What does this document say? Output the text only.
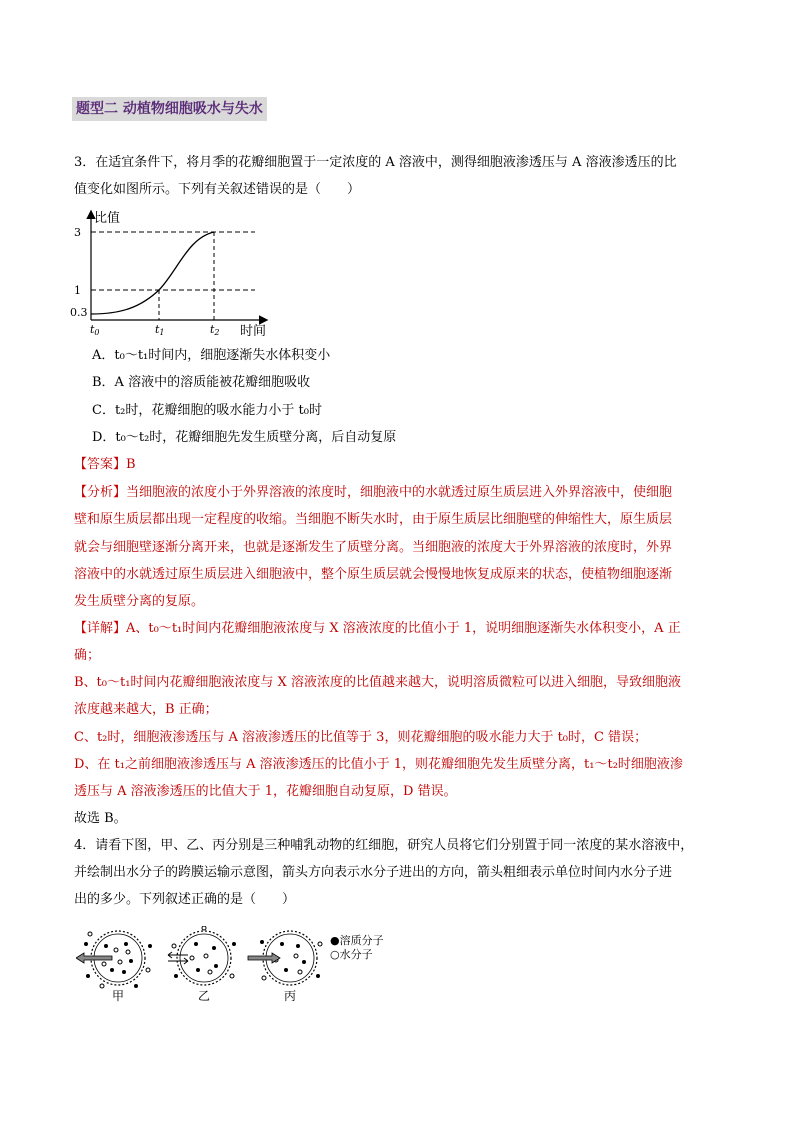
题型二 动植物细胞吸水与失水
3．在适宜条件下，将月季的花瓣细胞置于一定浓度的 A 溶液中，测得细胞液渗透压与 A 溶液渗透压的比
值变化如图所示。下列有关叙述错误的是（　　）
比值
3
1
0.3
t0	t1	t2 时间
A．t₀～t₁时间内，细胞逐渐失水体积变小
B．A 溶液中的溶质能被花瓣细胞吸收
C．t₂时，花瓣细胞的吸水能力小于 t₀时
D．t₀～t₂时，花瓣细胞先发生质壁分离，后自动复原
【答案】B
【分析】当细胞液的浓度小于外界溶液的浓度时，细胞液中的水就透过原生质层进入外界溶液中，使细胞
壁和原生质层都出现一定程度的收缩。当细胞不断失水时，由于原生质层比细胞壁的伸缩性大，原生质层
就会与细胞壁逐渐分离开来，也就是逐渐发生了质壁分离。当细胞液的浓度大于外界溶液的浓度时，外界
溶液中的水就透过原生质层进入细胞液中，整个原生质层就会慢慢地恢复成原来的状态，使植物细胞逐渐
发生质壁分离的复原。
【详解】A、t₀～t₁时间内花瓣细胞液浓度与 X 溶液浓度的比值小于 1，说明细胞逐渐失水体积变小，A 正
确；
B、t₀～t₁时间内花瓣细胞液浓度与 X 溶液浓度的比值越来越大，说明溶质微粒可以进入细胞，导致细胞液
浓度越来越大，B 正确；
C、t₂时，细胞液渗透压与 A 溶液渗透压的比值等于 3，则花瓣细胞的吸水能力大于 t₀时，C 错误；
D、在 t₁之前细胞液渗透压与 A 溶液渗透压的比值小于 1，则花瓣细胞先发生质壁分离，t₁～t₂时细胞液渗
透压与 A 溶液渗透压的比值大于 1，花瓣细胞自动复原，D 错误。
故选 B。
4．请看下图，甲、乙、丙分别是三种哺乳动物的红细胞，研究人员将它们分别置于同一浓度的某水溶液中，
并绘制出水分子的跨膜运输示意图，箭头方向表示水分子进出的方向，箭头粗细表示单位时间内水分子进
出的多少。下列叙述正确的是（　　）
●溶质分子
○水分子
甲	乙	丙
